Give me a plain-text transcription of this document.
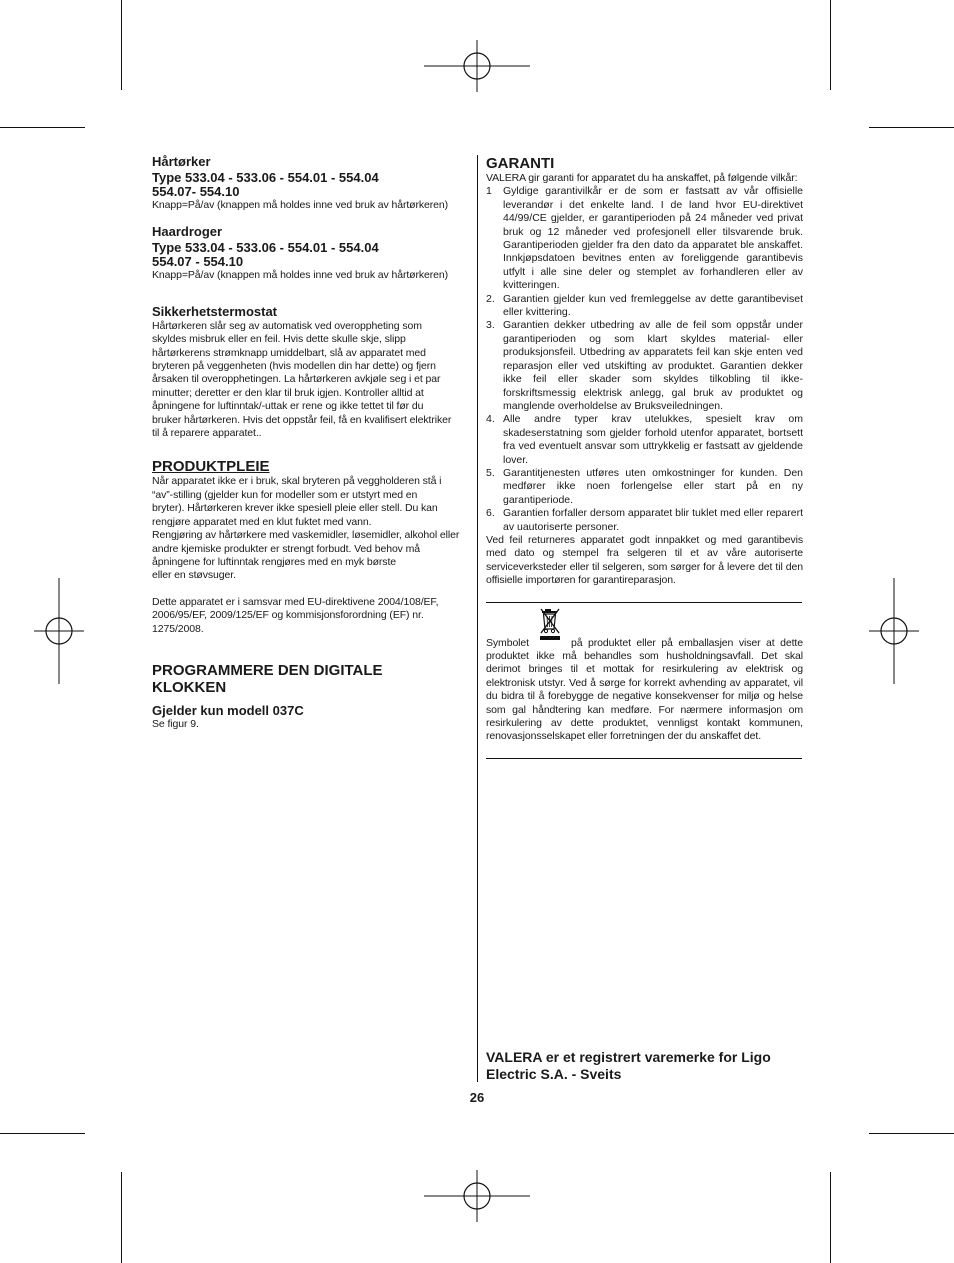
Hårtørker

Type 533.04 - 533.06 - 554.01 - 554.04

554.07- 554.10

Knapp=På/av (knappen må holdes inne ved bruk av hårtørkeren)

Haardroger

Type 533.04 - 533.06 - 554.01 - 554.04

554.07 - 554.10

Knapp=På/av (knappen må holdes inne ved bruk av hårtørkeren)

Sikkerhetstermostat

Hårtørkeren slår seg av automatisk ved overoppheting som

skyldes misbruk eller en feil. Hvis dette skulle skje, slipp

hårtørkerens strømknapp umiddelbart, slå av apparatet med

bryteren på veggenheten (hvis modellen din har dette) og fjern

årsaken til overopphetingen. La hårtørkeren avkjøle seg i et par

minutter; deretter er den klar til bruk igjen. Kontroller alltid at

åpningene for luftinntak/-uttak er rene og ikke tettet til før du

bruker hårtørkeren. Hvis det oppstår feil, få en kvalifisert elektriker

til å reparere apparatet..

PRODUKTPLEIE

Når apparatet ikke er i bruk, skal bryteren på veggholderen stå i

“av”-stilling (gjelder kun for modeller som er utstyrt med en

bryter). Hårtørkeren krever ikke spesiell pleie eller stell. Du kan

rengjøre apparatet med en klut fuktet med vann.

Rengjøring av hårtørkere med vaskemidler, løsemidler, alkohol eller

andre kjemiske produkter er strengt forbudt. Ved behov må

åpningene for luftinntak rengjøres med en myk børste

eller en støvsuger.

Dette apparatet er i samsvar med EU-direktivene 2004/108/EF,

2006/95/EF, 2009/125/EF og kommisjonsforordning (EF) nr.

1275/2008.

PROGRAMMERE DEN DIGITALE

KLOKKEN

Gjelder kun modell 037C

Se figur 9.

GARANTI

VALERA gir garanti for apparatet du ha anskaffet, på følgende vilkår:

1	Gyldige garantivilkår er de som er fastsatt av vår offisielle leverandør i det enkelte land. I de land hvor EU-direktivet 44/99/CE gjelder, er garantiperioden på 24 måneder ved privat bruk og 12 måneder ved profesjonell eller tilsvarende bruk. Garantiperioden gjelder fra den dato da apparatet ble anskaffet. Innkjøpsdatoen bevitnes enten av foreliggende garantibevis utfylt i alle sine deler og stemplet av forhandleren eller av kvitteringen.
2. Garantien gjelder kun ved fremleggelse av dette garantibeviset eller kvittering.
3. Garantien dekker utbedring av alle de feil som oppstår under garantiperioden og som klart skyldes material- eller produksjonsfeil. Utbedring av apparatets feil kan skje enten ved reparasjon eller ved utskifting av produktet. Garantien dekker ikke feil eller skader som skyldes tilkobling til ikke-forskriftsmessig elektrisk anlegg, gal bruk av produktet og manglende overholdelse av Bruksveiledningen.
4. Alle andre typer krav utelukkes, spesielt krav om skadeserstatning som gjelder forhold utenfor apparatet, bortsett fra ved eventuelt ansvar som uttrykkelig er fastsatt av gjeldende lover.
5. Garantitjenesten utføres uten omkostninger for kunden. Den medfører ikke noen forlengelse eller start på en ny garantiperiode.
6. Garantien forfaller dersom apparatet blir tuklet med eller reparert av uautoriserte personer.

Ved feil returneres apparatet godt innpakket og med garantibevis med dato og stempel fra selgeren til et av våre autoriserte serviceverksteder eller til selgeren, som sørger for å levere det til den offisielle importøren for garantireparasjon.

Symbolet	på produktet eller på emballasjen viser at dette produktet ikke må behandles som husholdningsavfall. Det skal derimot bringes til et mottak for resirkulering av elektrisk og elektronisk utstyr. Ved å sørge for korrekt avhending av apparatet, vil du bidra til å forebygge de negative konsekvenser for miljø og helse som gal håndtering kan medføre. For nærmere informasjon om resirkulering av dette produktet, vennligst kontakt kommunen, renovasjonsselskapet eller forretningen der du anskaffet det.
VALERA er et registrert varemerke for Ligo
Electric S.A. - Sveits
26
